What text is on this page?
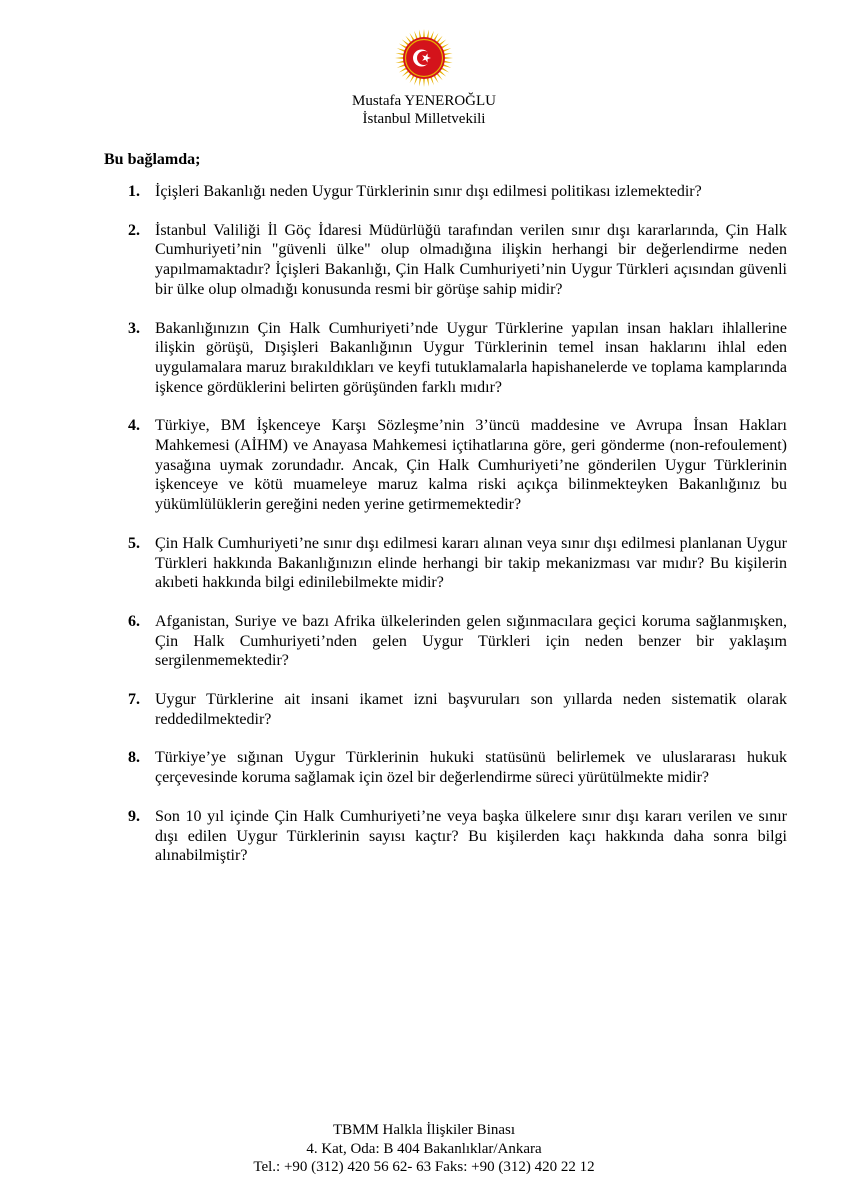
Mustafa YENEROĞLU
İstanbul Milletvekili
Bu bağlamda;
1. İçişleri Bakanlığı neden Uygur Türklerinin sınır dışı edilmesi politikası izlemektedir?
2. İstanbul Valiliği İl Göç İdaresi Müdürlüğü tarafından verilen sınır dışı kararlarında, Çin Halk Cumhuriyeti’nin "güvenli ülke" olup olmadığına ilişkin herhangi bir değerlendirme neden yapılmamaktadır? İçişleri Bakanlığı, Çin Halk Cumhuriyeti’nin Uygur Türkleri açısından güvenli bir ülke olup olmadığı konusunda resmi bir görüşe sahip midir?
3. Bakanlığınızın Çin Halk Cumhuriyeti’nde Uygur Türklerine yapılan insan hakları ihlallerine ilişkin görüşü, Dışişleri Bakanlığının Uygur Türklerinin temel insan haklarını ihlal eden uygulamalara maruz bırakıldıkları ve keyfi tutuklamalarla hapishanelerde ve toplama kamplarında işkence gördüklerini belirten görüşünden farklı mıdır?
4. Türkiye, BM İşkenceye Karşı Sözleşme’nin 3’üncü maddesine ve Avrupa İnsan Hakları Mahkemesi (AİHM) ve Anayasa Mahkemesi içtihatlarına göre, geri gönderme (non-refoulement) yasağına uymak zorundadır. Ancak, Çin Halk Cumhuriyeti’ne gönderilen Uygur Türklerinin işkenceye ve kötü muameleye maruz kalma riski açıkça bilinmekteyken Bakanlığınız bu yükümlülüklerin gereğini neden yerine getirmemektedir?
5. Çin Halk Cumhuriyeti’ne sınır dışı edilmesi kararı alınan veya sınır dışı edilmesi planlanan Uygur Türkleri hakkında Bakanlığınızın elinde herhangi bir takip mekanizması var mıdır? Bu kişilerin akıbeti hakkında bilgi edinilebilmekte midir?
6. Afganistan, Suriye ve bazı Afrika ülkelerinden gelen sığınmacılara geçici koruma sağlanmışken, Çin Halk Cumhuriyeti’nden gelen Uygur Türkleri için neden benzer bir yaklaşım sergilenmemektedir?
7. Uygur Türklerine ait insani ikamet izni başvuruları son yıllarda neden sistematik olarak reddedilmektedir?
8. Türkiye’ye sığınan Uygur Türklerinin hukuki statüsünü belirlemek ve uluslararası hukuk çerçevesinde koruma sağlamak için özel bir değerlendirme süreci yürütülmekte midir?
9. Son 10 yıl içinde Çin Halk Cumhuriyeti’ne veya başka ülkelere sınır dışı kararı verilen ve sınır dışı edilen Uygur Türklerinin sayısı kaçtır? Bu kişilerden kaçı hakkında daha sonra bilgi alınabilmiştir?
TBMM Halkla İlişkiler Binası
4. Kat, Oda: B 404 Bakanlıklar/Ankara
Tel.: +90 (312) 420 56 62- 63 Faks: +90 (312) 420 22 12
